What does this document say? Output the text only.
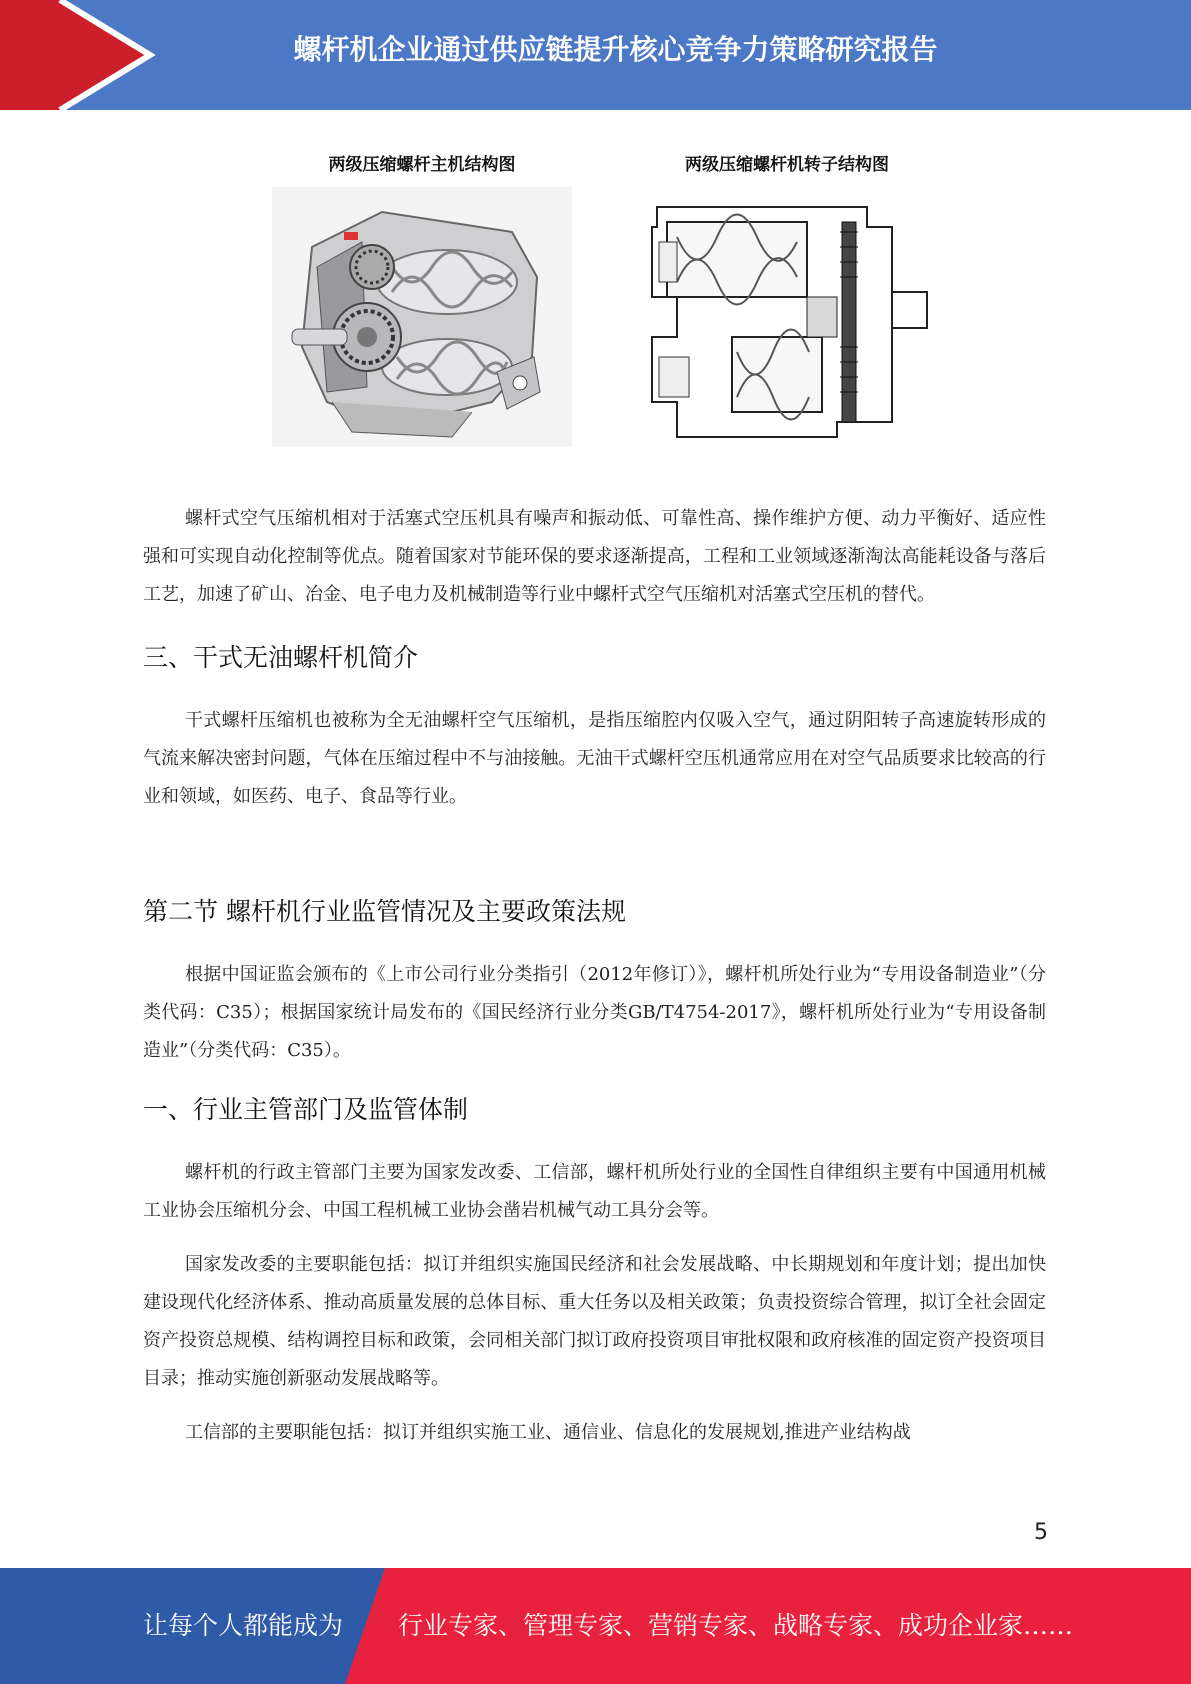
螺杆机企业通过供应链提升核心竞争力策略研究报告
两级压缩螺杆主机结构图	两级压缩螺杆机转子结构图

螺杆式空气压缩机相对于活塞式空压机具有噪声和振动低、可靠性高、操作维护方便、动力平衡好、适应性强和可实现自动化控制等优点。随着国家对节能环保的要求逐渐提高，工程和工业领域逐渐淘汰高能耗设备与落后工艺，加速了矿山、冶金、电子电力及机械制造等行业中螺杆式空气压缩机对活塞式空压机的替代。

三、干式无油螺杆机简介

干式螺杆压缩机也被称为全无油螺杆空气压缩机，是指压缩腔内仅吸入空气，通过阴阳转子高速旋转形成的气流来解决密封问题，气体在压缩过程中不与油接触。无油干式螺杆空压机通常应用在对空气品质要求比较高的行业和领域，如医药、电子、食品等行业。

第二节 螺杆机行业监管情况及主要政策法规

根据中国证监会颁布的《上市公司行业分类指引（2012年修订）》，螺杆机所处行业为“专用设备制造业”（分类代码：C35）；根据国家统计局发布的《国民经济行业分类GB/T4754-2017》，螺杆机所处行业为“专用设备制造业”（分类代码：C35）。

一、行业主管部门及监管体制

螺杆机的行政主管部门主要为国家发改委、工信部，螺杆机所处行业的全国性自律组织主要有中国通用机械工业协会压缩机分会、中国工程机械工业协会凿岩机械气动工具分会等。

国家发改委的主要职能包括：拟订并组织实施国民经济和社会发展战略、中长期规划和年度计划；提出加快建设现代化经济体系、推动高质量发展的总体目标、重大任务以及相关政策；负责投资综合管理，拟订全社会固定资产投资总规模、结构调控目标和政策，会同相关部门拟订政府投资项目审批权限和政府核准的固定资产投资项目目录；推动实施创新驱动发展战略等。

工信部的主要职能包括：拟订并组织实施工业、通信业、信息化的发展规划,推进产业结构战

5
让每个人都能成为 行业专家、管理专家、营销专家、战略专家、成功企业家……
